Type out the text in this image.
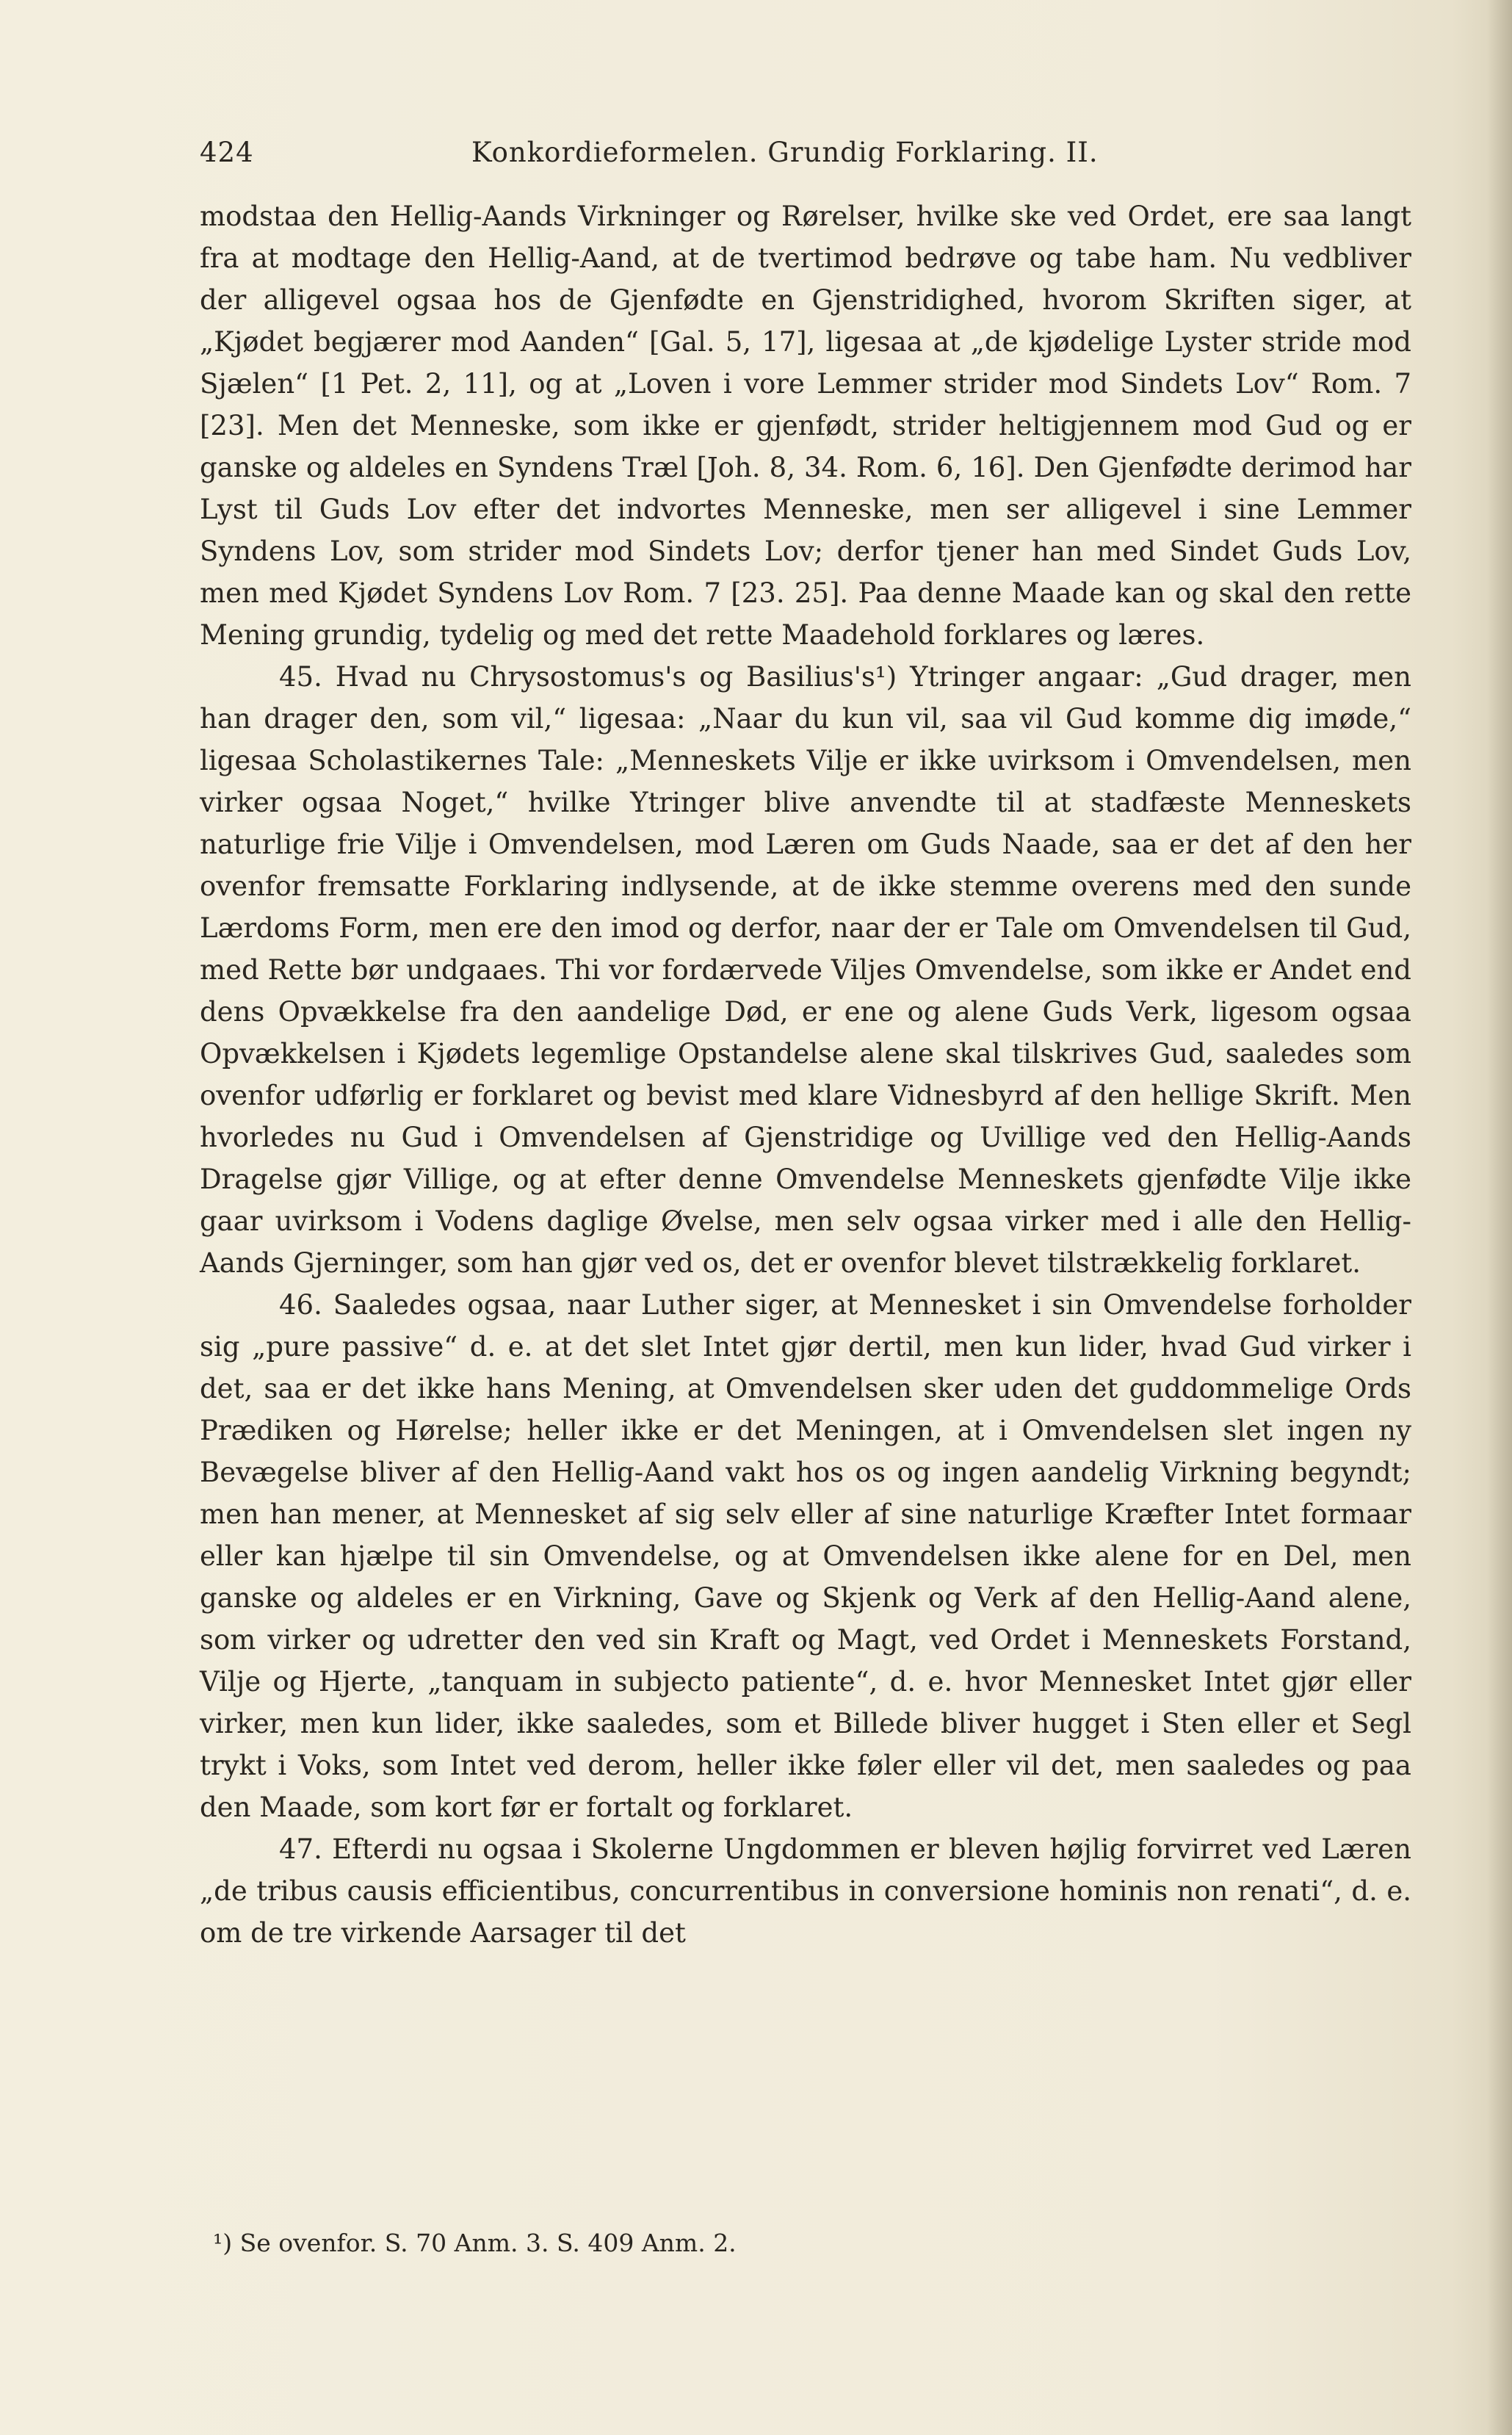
424	Konkordieformelen. Grundig Forklaring. II.

modstaa den Hellig-Aands Virkninger og Rørelser, hvilke ske ved Ordet, ere saa langt fra at modtage den Hellig-Aand, at de tvertimod bedrøve og tabe ham. Nu vedbliver der alligevel ogsaa hos de Gjenfødte en Gjenstridighed, hvorom Skriften siger, at „Kjødet begjærer mod Aanden“ [Gal. 5, 17], ligesaa at „de kjødelige Lyster stride mod Sjælen“ [1 Pet. 2, 11], og at „Loven i vore Lemmer strider mod Sindets Lov“ Rom. 7 [23]. Men det Menneske, som ikke er gjenfødt, strider heltigjennem mod Gud og er ganske og aldeles en Syndens Træl [Joh. 8, 34. Rom. 6, 16]. Den Gjenfødte derimod har Lyst til Guds Lov efter det indvortes Menneske, men ser alligevel i sine Lemmer Syndens Lov, som strider mod Sindets Lov; derfor tjener han med Sindet Guds Lov, men med Kjødet Syndens Lov Rom. 7 [23. 25]. Paa denne Maade kan og skal den rette Mening grundig, tydelig og med det rette Maadehold forklares og læres.

45. Hvad nu Chrysostomus's og Basilius's¹) Ytringer angaar: „Gud drager, men han drager den, som vil,“ ligesaa: „Naar du kun vil, saa vil Gud komme dig imøde,“ ligesaa Scholastikernes Tale: „Menneskets Vilje er ikke uvirksom i Omvendelsen, men virker ogsaa Noget,“ hvilke Ytringer blive anvendte til at stadfæste Menneskets naturlige frie Vilje i Omvendelsen, mod Læren om Guds Naade, saa er det af den her ovenfor fremsatte Forklaring indlysende, at de ikke stemme overens med den sunde Lærdoms Form, men ere den imod og derfor, naar der er Tale om Omvendelsen til Gud, med Rette bør undgaaes. Thi vor fordærvede Viljes Omvendelse, som ikke er Andet end dens Opvækkelse fra den aandelige Død, er ene og alene Guds Verk, ligesom ogsaa Opvækkelsen i Kjødets legemlige Opstandelse alene skal tilskrives Gud, saaledes som ovenfor udførlig er forklaret og bevist med klare Vidnesbyrd af den hellige Skrift. Men hvorledes nu Gud i Omvendelsen af Gjenstridige og Uvillige ved den Hellig-Aands Dragelse gjør Villige, og at efter denne Omvendelse Menneskets gjenfødte Vilje ikke gaar uvirksom i Vodens daglige Øvelse, men selv ogsaa virker med i alle den Hellig-Aands Gjerninger, som han gjør ved os, det er ovenfor blevet tilstrækkelig forklaret.

46. Saaledes ogsaa, naar Luther siger, at Mennesket i sin Omvendelse forholder sig „pure passive“ d. e. at det slet Intet gjør dertil, men kun lider, hvad Gud virker i det, saa er det ikke hans Mening, at Omvendelsen sker uden det guddommelige Ords Prædiken og Hørelse; heller ikke er det Meningen, at i Omvendelsen slet ingen ny Bevægelse bliver af den Hellig-Aand vakt hos os og ingen aandelig Virkning begyndt; men han mener, at Mennesket af sig selv eller af sine naturlige Kræfter Intet formaar eller kan hjælpe til sin Omvendelse, og at Omvendelsen ikke alene for en Del, men ganske og aldeles er en Virkning, Gave og Skjenk og Verk af den Hellig-Aand alene, som virker og udretter den ved sin Kraft og Magt, ved Ordet i Menneskets Forstand, Vilje og Hjerte, „tanquam in subjecto patiente“, d. e. hvor Mennesket Intet gjør eller virker, men kun lider, ikke saaledes, som et Billede bliver hugget i Sten eller et Segl trykt i Voks, som Intet ved derom, heller ikke føler eller vil det, men saaledes og paa den Maade, som kort før er fortalt og forklaret.

47. Efterdi nu ogsaa i Skolerne Ungdommen er bleven højlig forvirret ved Læren „de tribus causis efficientibus, concurrentibus in conversione hominis non renati“, d. e. om de tre virkende Aarsager til det

¹) Se ovenfor. S. 70 Anm. 3. S. 409 Anm. 2.
